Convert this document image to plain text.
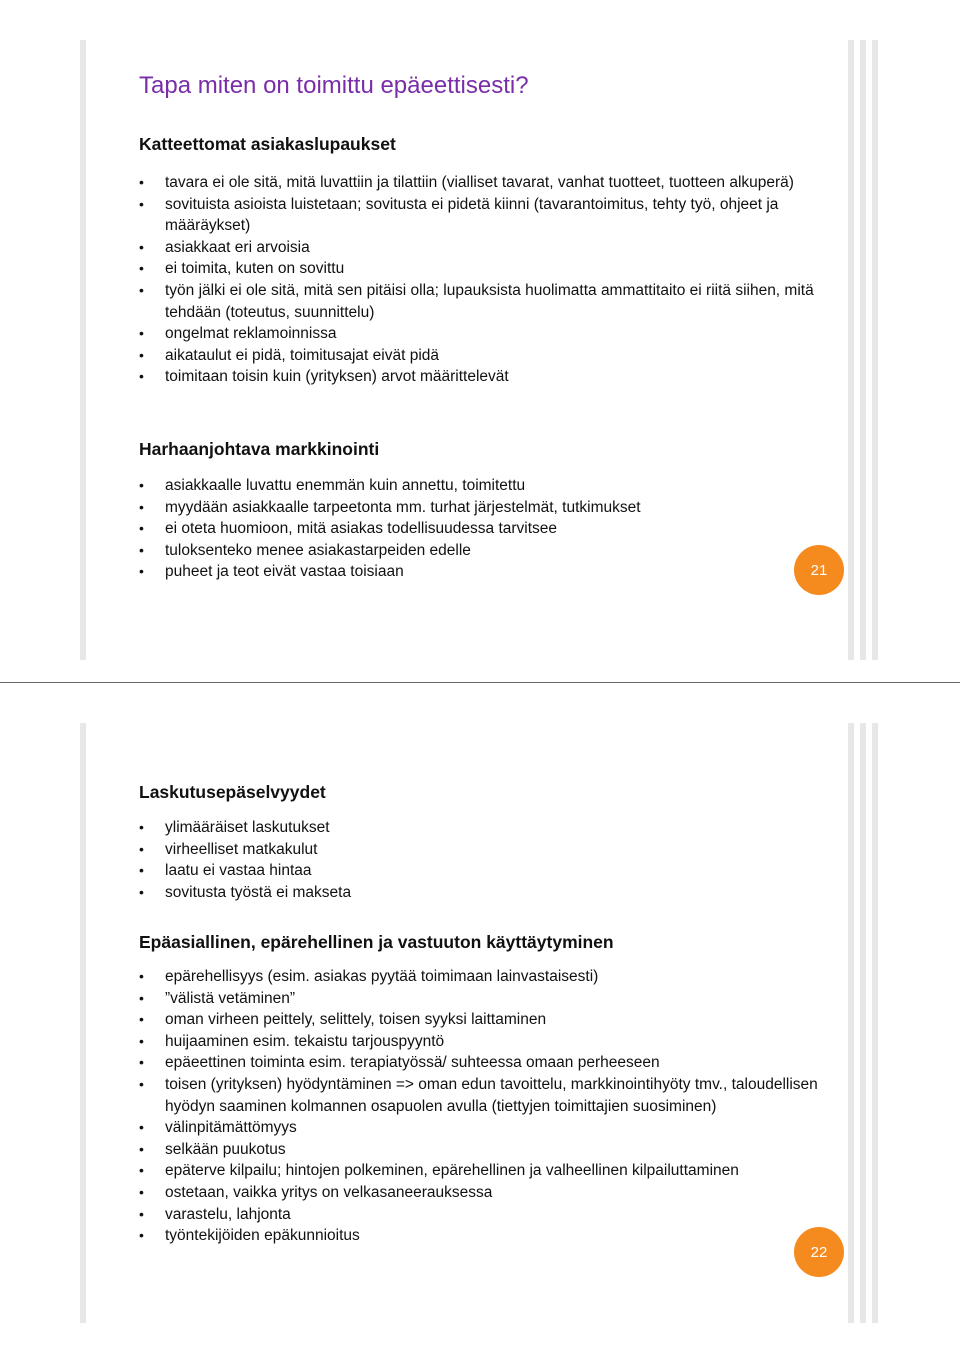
Tapa miten on toimittu epäeettisesti?
Katteettomat asiakaslupaukset
• tavara ei ole sitä, mitä luvattiin ja tilattiin (vialliset tavarat, vanhat tuotteet, tuotteen alkuperä)
• sovituista asioista luistetaan; sovitusta ei pidetä kiinni (tavarantoimitus, tehty työ, ohjeet ja määräykset)
• asiakkaat eri arvoisia
• ei toimita, kuten on sovittu
• työn jälki ei ole sitä, mitä sen pitäisi olla; lupauksista huolimatta ammattitaito ei riitä siihen, mitä tehdään (toteutus, suunnittelu)
• ongelmat reklamoinnissa
• aikataulut ei pidä, toimitusajat eivät pidä
• toimitaan toisin kuin (yrityksen) arvot määrittelevät
Harhaanjohtava markkinointi
• asiakkaalle luvattu enemmän kuin annettu, toimitettu
• myydään asiakkaalle tarpeetonta mm. turhat järjestelmät, tutkimukset
• ei oteta huomioon, mitä asiakas todellisuudessa tarvitsee
• tuloksenteko menee asiakastarpeiden edelle
• puheet ja teot eivät vastaa toisiaan	21
Laskutusepäselvyydet
• ylimääräiset laskutukset
• virheelliset matkakulut
• laatu ei vastaa hintaa
• sovitusta työstä ei makseta
Epäasiallinen, epärehellinen ja vastuuton käyttäytyminen
• epärehellisyys (esim. asiakas pyytää toimimaan lainvastaisesti)
• ”välistä vetäminen”
• oman virheen peittely, selittely, toisen syyksi laittaminen
• huijaaminen esim. tekaistu tarjouspyyntö
• epäeettinen toiminta esim. terapiatyössä/ suhteessa omaan perheeseen
• toisen (yrityksen) hyödyntäminen => oman edun tavoittelu, markkinointihyöty tmv., taloudellisen hyödyn saaminen kolmannen osapuolen avulla (tiettyjen toimittajien suosiminen)
• välinpitämättömyys
• selkään puukotus
• epäterve kilpailu; hintojen polkeminen, epärehellinen ja valheellinen kilpailuttaminen
• ostetaan, vaikka yritys on velkasaneerauksessa
• varastelu, lahjonta
• työntekijöiden epäkunnioitus
22
